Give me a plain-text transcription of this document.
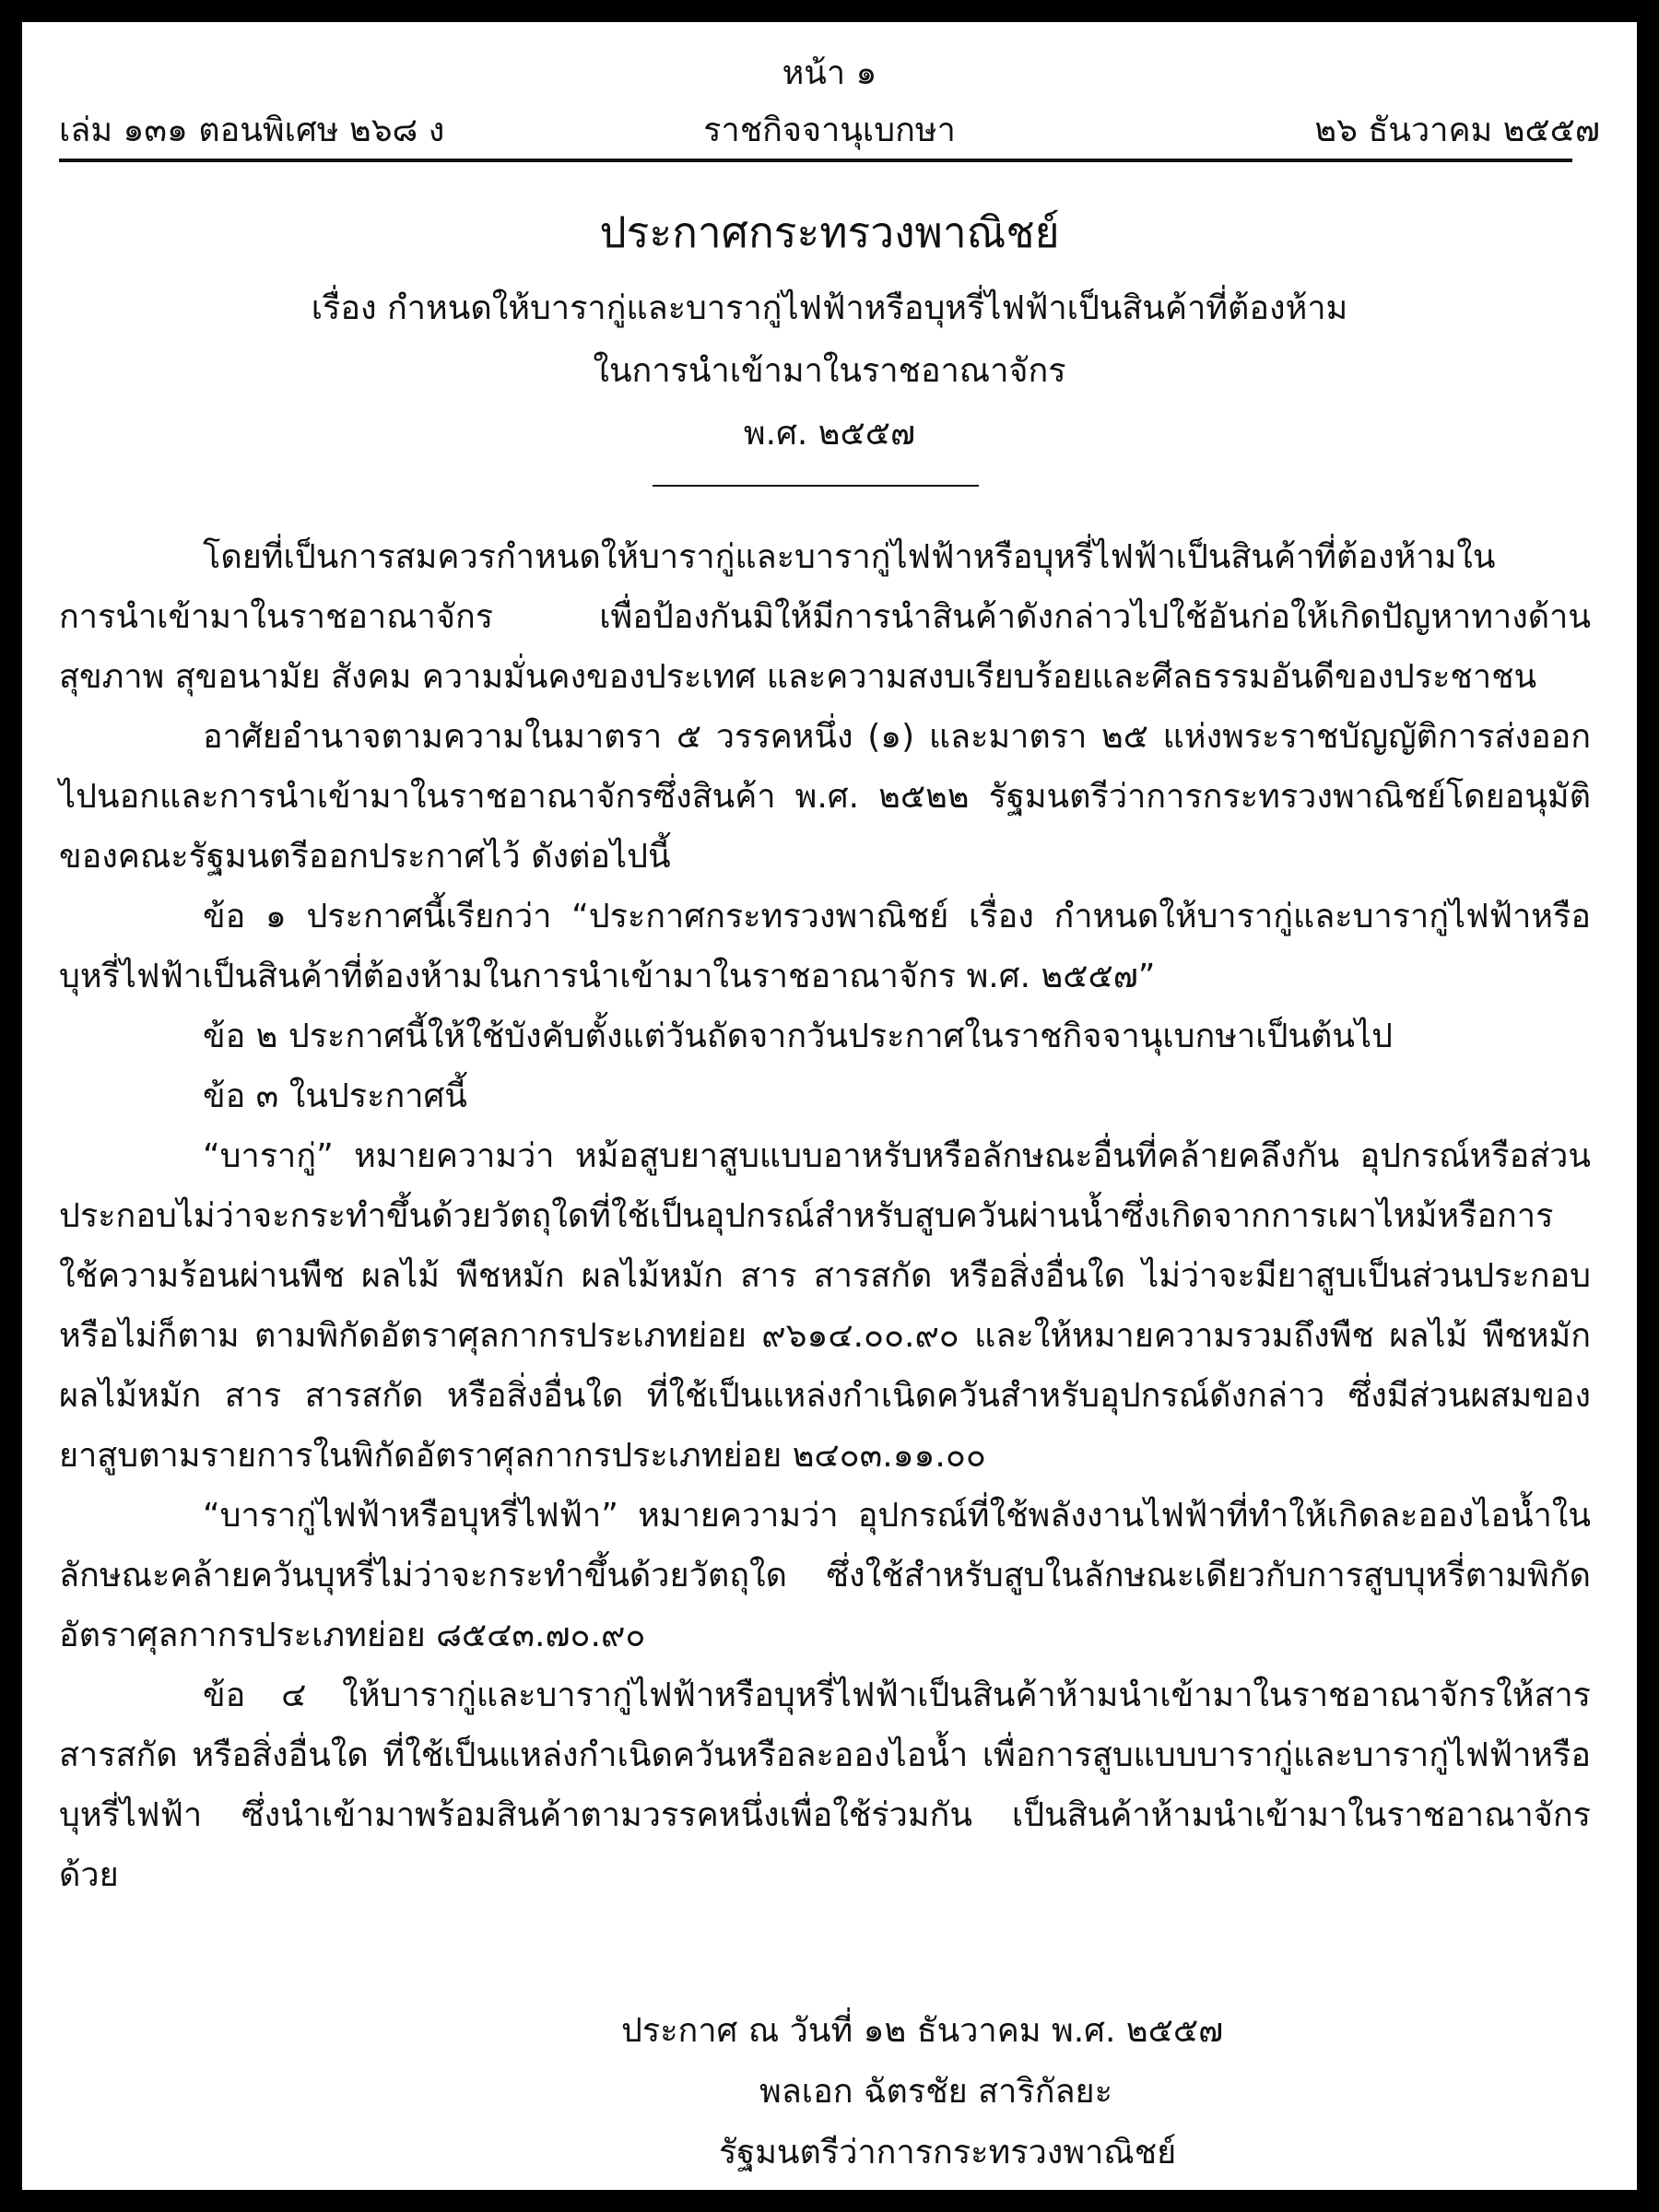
หน้า ๑
ราชกิจจานุเบกษา
เล่ม ๑๓๑ ตอนพิเศษ ๒๖๘ ง	๒๖ ธันวาคม ๒๕๕๗
ประกาศกระทรวงพาณิชย์
เรื่อง กำหนดให้บารากู่และบารากู่ไฟฟ้าหรือบุหรี่ไฟฟ้าเป็นสินค้าที่ต้องห้าม
ในการนำเข้ามาในราชอาณาจักร
พ.ศ. ๒๕๕๗

โดยที่เป็นการสมควรกำหนดให้บารากู่และบารากู่ไฟฟ้าหรือบุหรี่ไฟฟ้าเป็นสินค้าที่ต้องห้ามในการนำเข้ามาในราชอาณาจักร เพื่อป้องกันมิให้มีการนำสินค้าดังกล่าวไปใช้อันก่อให้เกิดปัญหาทางด้านสุขภาพ สุขอนามัย สังคม ความมั่นคงของประเทศ และความสงบเรียบร้อยและศีลธรรมอันดีของประชาชน

อาศัยอำนาจตามความในมาตรา ๕ วรรคหนึ่ง (๑) และมาตรา ๒๕ แห่งพระราชบัญญัติการส่งออกไปนอกและการนำเข้ามาในราชอาณาจักรซึ่งสินค้า พ.ศ. ๒๕๒๒ รัฐมนตรีว่าการกระทรวงพาณิชย์โดยอนุมัติของคณะรัฐมนตรีออกประกาศไว้ ดังต่อไปนี้

ข้อ ๑ ประกาศนี้เรียกว่า “ประกาศกระทรวงพาณิชย์ เรื่อง กำหนดให้บารากู่และบารากู่ไฟฟ้าหรือบุหรี่ไฟฟ้าเป็นสินค้าที่ต้องห้ามในการนำเข้ามาในราชอาณาจักร พ.ศ. ๒๕๕๗”

ข้อ ๒ ประกาศนี้ให้ใช้บังคับตั้งแต่วันถัดจากวันประกาศในราชกิจจานุเบกษาเป็นต้นไป

ข้อ ๓ ในประกาศนี้

“บารากู่” หมายความว่า หม้อสูบยาสูบแบบอาหรับหรือลักษณะอื่นที่คล้ายคลึงกัน อุปกรณ์หรือส่วนประกอบไม่ว่าจะกระทำขึ้นด้วยวัตถุใดที่ใช้เป็นอุปกรณ์สำหรับสูบควันผ่านน้ำซึ่งเกิดจากการเผาไหม้หรือการใช้ความร้อนผ่านพืช ผลไม้ พืชหมัก ผลไม้หมัก สาร สารสกัด หรือสิ่งอื่นใด ไม่ว่าจะมียาสูบเป็นส่วนประกอบหรือไม่ก็ตาม ตามพิกัดอัตราศุลกากรประเภทย่อย ๙๖๑๔.๐๐.๙๐ และให้หมายความรวมถึงพืช ผลไม้ พืชหมัก ผลไม้หมัก สาร สารสกัด หรือสิ่งอื่นใด ที่ใช้เป็นแหล่งกำเนิดควันสำหรับอุปกรณ์ดังกล่าว ซึ่งมีส่วนผสมของยาสูบตามรายการในพิกัดอัตราศุลกากรประเภทย่อย ๒๔๐๓.๑๑.๐๐

“บารากู่ไฟฟ้าหรือบุหรี่ไฟฟ้า” หมายความว่า อุปกรณ์ที่ใช้พลังงานไฟฟ้าที่ทำให้เกิดละอองไอน้ำในลักษณะคล้ายควันบุหรี่ไม่ว่าจะกระทำขึ้นด้วยวัตถุใด ซึ่งใช้สำหรับสูบในลักษณะเดียวกับการสูบบุหรี่ตามพิกัดอัตราศุลกากรประเภทย่อย ๘๕๔๓.๗๐.๙๐

ข้อ ๔ ให้บารากู่และบารากู่ไฟฟ้าหรือบุหรี่ไฟฟ้าเป็นสินค้าห้ามนำเข้ามาในราชอาณาจักรให้สาร สารสกัด หรือสิ่งอื่นใด ที่ใช้เป็นแหล่งกำเนิดควันหรือละอองไอน้ำ เพื่อการสูบแบบบารากู่และบารากู่ไฟฟ้าหรือบุหรี่ไฟฟ้า ซึ่งนำเข้ามาพร้อมสินค้าตามวรรคหนึ่งเพื่อใช้ร่วมกัน เป็นสินค้าห้ามนำเข้ามาในราชอาณาจักรด้วย

ประกาศ ณ วันที่ ๑๒ ธันวาคม พ.ศ. ๒๕๕๗
พลเอก ฉัตรชัย สาริกัลยะ
รัฐมนตรีว่าการกระทรวงพาณิชย์
